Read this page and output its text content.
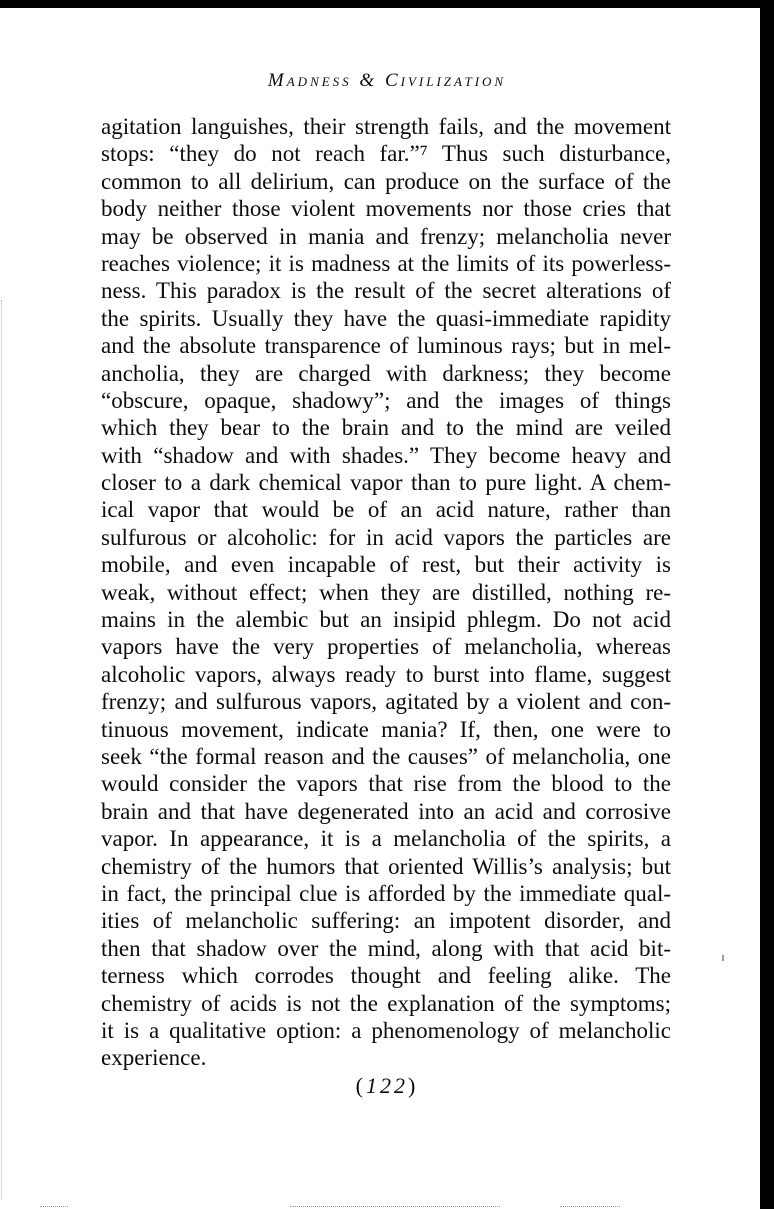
Madness & Civilization

agitation languishes, their strength fails, and the movement
stops: “they do not reach far.”⁷ Thus such disturbance,
common to all delirium, can produce on the surface of the
body neither those violent movements nor those cries that
may be observed in mania and frenzy; melancholia never
reaches violence; it is madness at the limits of its powerless-
ness. This paradox is the result of the secret alterations of
the spirits. Usually they have the quasi-immediate rapidity
and the absolute transparence of luminous rays; but in mel-
ancholia, they are charged with darkness; they become
“obscure, opaque, shadowy”; and the images of things
which they bear to the brain and to the mind are veiled
with “shadow and with shades.” They become heavy and
closer to a dark chemical vapor than to pure light. A chem-
ical vapor that would be of an acid nature, rather than
sulfurous or alcoholic: for in acid vapors the particles are
mobile, and even incapable of rest, but their activity is
weak, without effect; when they are distilled, nothing re-
mains in the alembic but an insipid phlegm. Do not acid
vapors have the very properties of melancholia, whereas
alcoholic vapors, always ready to burst into flame, suggest
frenzy; and sulfurous vapors, agitated by a violent and con-
tinuous movement, indicate mania? If, then, one were to
seek “the formal reason and the causes” of melancholia, one
would consider the vapors that rise from the blood to the
brain and that have degenerated into an acid and corrosive
vapor. In appearance, it is a melancholia of the spirits, a
chemistry of the humors that oriented Willis’s analysis; but
in fact, the principal clue is afforded by the immediate qual-
ities of melancholic suffering: an impotent disorder, and
then that shadow over the mind, along with that acid bit-
terness which corrodes thought and feeling alike. The
chemistry of acids is not the explanation of the symptoms;
it is a qualitative option: a phenomenology of melancholic
experience.

(122)
